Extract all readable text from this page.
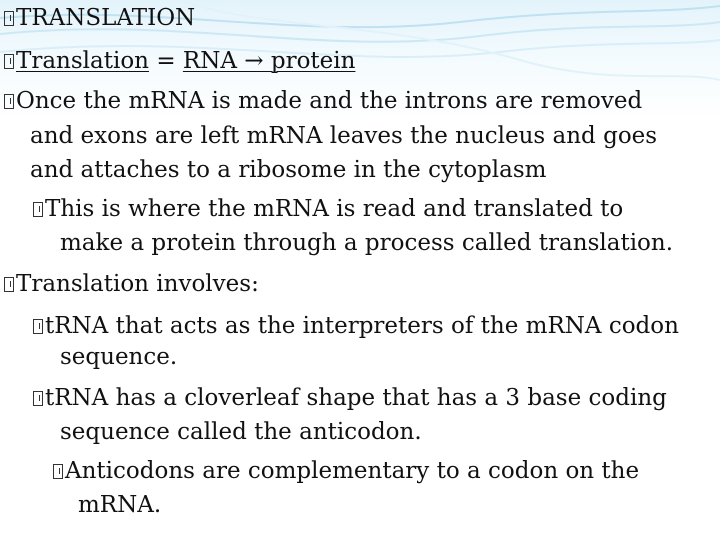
TRANSLATION
Translation = RNA → protein
Once the mRNA is made and the introns are removed
and exons are left mRNA leaves the nucleus and goes
and attaches to a ribosome in the cytoplasm
This is where the mRNA is read and translated to
make a protein through a process called translation.
Translation involves:
tRNA that acts as the interpreters of the mRNA codon
sequence.
tRNA has a cloverleaf shape that has a 3 base coding
sequence called the anticodon.
Anticodons are complementary to a codon on the
mRNA.
